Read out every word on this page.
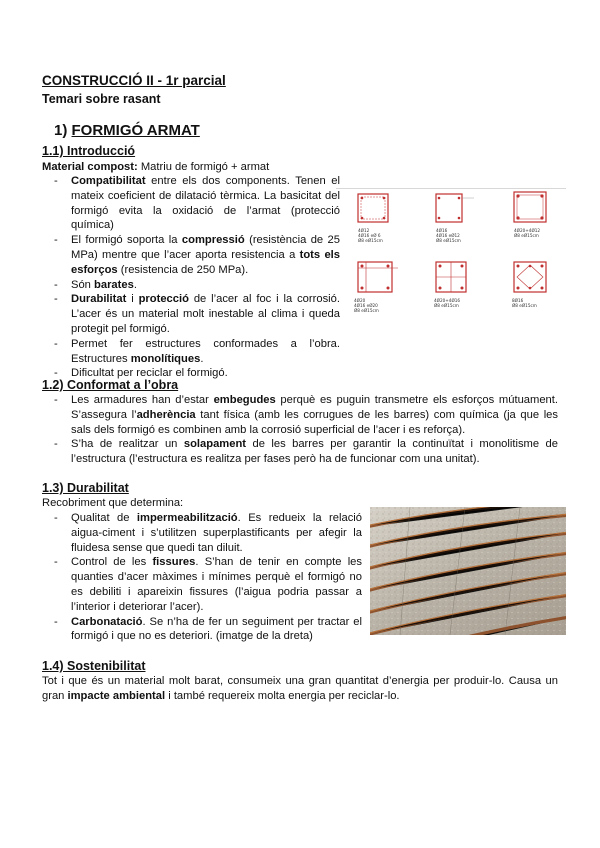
CONSTRUCCIÓ II - 1r parcial
Temari sobre rasant
1) FORMIGÓ ARMAT
1.1) Introducció
Material compost: Matriu de formigó + armat
- Compatibilitat entre els dos components. Tenen el mateix coeficient de dilatació tèrmica. La basicitat del formigó evita la oxidació de l’armat (protecció química)
- El formigó soporta la compressió (resistència de 25 MPa) mentre que l’acer aporta resistencia a tots els esforços (resistencia de 250 MPa).
- Són barates.
- Durabilitat i protecció de l’acer al foc i la corrosió. L’acer és un material molt inestable al clima i queda protegit pel formigó.
- Permet fer estructures conformades a l’obra. Estructures monolítiques.
- Dificultat per reciclar el formigó.
4Ø12 4Ø16 eØ 6 Ø8 eØ15cm
4Ø16 4Ø16 eØ12 Ø8 eØ15cm
4Ø20+4Ø12 Ø8 eØ15cm
4Ø20 4Ø16 eØ20 Ø8 eØ15cm
4Ø20+4Ø16 Ø8 eØ15cm
8Ø16 Ø8 eØ15cm
1.2) Conformat a l’obra
- Les armadures han d’estar embegudes perquè es puguin transmetre els esforços mútuament. S’assegura l’adherència tant física (amb les corrugues de les barres) com química (ja que les sals dels formigó es combinen amb la corrosió superficial de l’acer i es reforça).
- S’ha de realitzar un solapament de les barres per garantir la continuïtat i monolitisme de l’estructura (l’estructura es realitza per fases però ha de funcionar com una unitat).
1.3) Durabilitat
Recobriment que determina:
- Qualitat de impermeabilització. Es redueix la relació aigua-ciment i s’utilitzen superplastificants per afegir la fluidesa sense que quedi tan diluit.
- Control de les fissures. S’han de tenir en compte les quanties d’acer màximes i mínimes perquè el formigó no es debiliti i apareixin fissures (l’aigua podria passar a l’interior i deteriorar l’acer).
- Carbonatació. Se n’ha de fer un seguiment per tractar el formigó i que no es deteriori. (imatge de la dreta)
1.4) Sostenibilitat
Tot i que és un material molt barat, consumeix una gran quantitat d’energia per produir-lo. Causa un gran impacte ambiental i també requereix molta energia per reciclar-lo.
